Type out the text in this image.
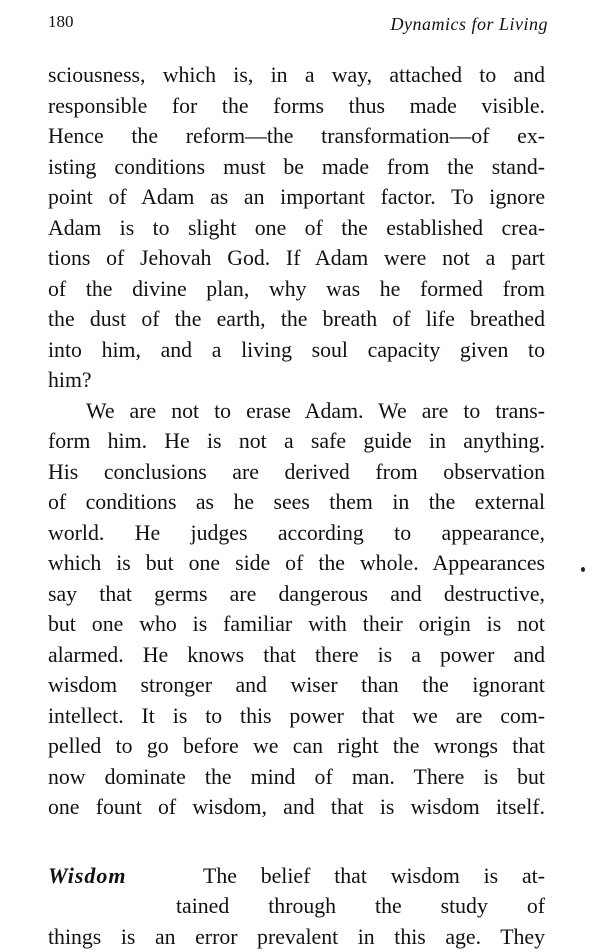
180	Dynamics for Living
sciousness, which is, in a way, attached to and
responsible for the forms thus made visible.
Hence the reform—the transformation—of ex-
isting conditions must be made from the stand-
point of Adam as an important factor. To ignore
Adam is to slight one of the established crea-
tions of Jehovah God. If Adam were not a part
of the divine plan, why was he formed from
the dust of the earth, the breath of life breathed
into him, and a living soul capacity given to
him?
We are not to erase Adam. We are to trans-
form him. He is not a safe guide in anything.
His conclusions are derived from observation
of conditions as he sees them in the external
world. He judges according to appearance,
which is but one side of the whole. Appearances
say that germs are dangerous and destructive,
but one who is familiar with their origin is not
alarmed. He knows that there is a power and
wisdom stronger and wiser than the ignorant
intellect. It is to this power that we are com-
pelled to go before we can right the wrongs that
now dominate the mind of man. There is but
one fount of wisdom, and that is wisdom itself.
Wisdom	The belief that wisdom is at-
tained through the study of
things is an error prevalent in this age. They
